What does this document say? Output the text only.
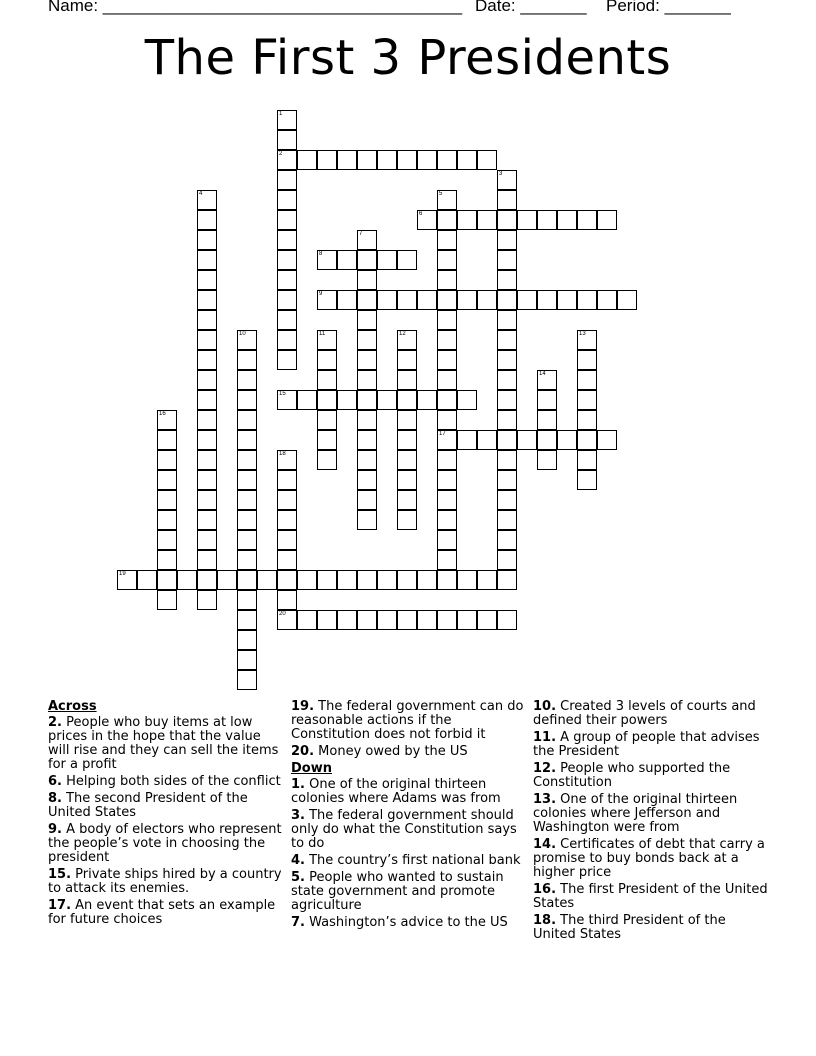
Name: ______________________________________ Date: _______ Period: _______
The First 3 Presidents
1
2
3
4	5
17
6
7
8
9
10	11	12	13
14
15
16
18
20
19
Across
2. People who buy items at low prices in the hope that the value will rise and they can sell the items for a profit
6. Helping both sides of the conflict
8. The second President of the United States
9. A body of electors who represent the people’s vote in choosing the president
15. Private ships hired by a country to attack its enemies.
17. An event that sets an example for future choices
19. The federal government can do reasonable actions if the Constitution does not forbid it
20. Money owed by the US
Down
1. One of the original thirteen colonies where Adams was from
3. The federal government should only do what the Constitution says to do
4. The country’s first national bank
5. People who wanted to sustain state government and promote agriculture
7. Washington’s advice to the US
10. Created 3 levels of courts and defined their powers
11. A group of people that advises the President
12. People who supported the Constitution
13. One of the original thirteen colonies where Jefferson and Washington were from
14. Certificates of debt that carry a promise to buy bonds back at a higher price
16. The first President of the United States
18. The third President of the United States
